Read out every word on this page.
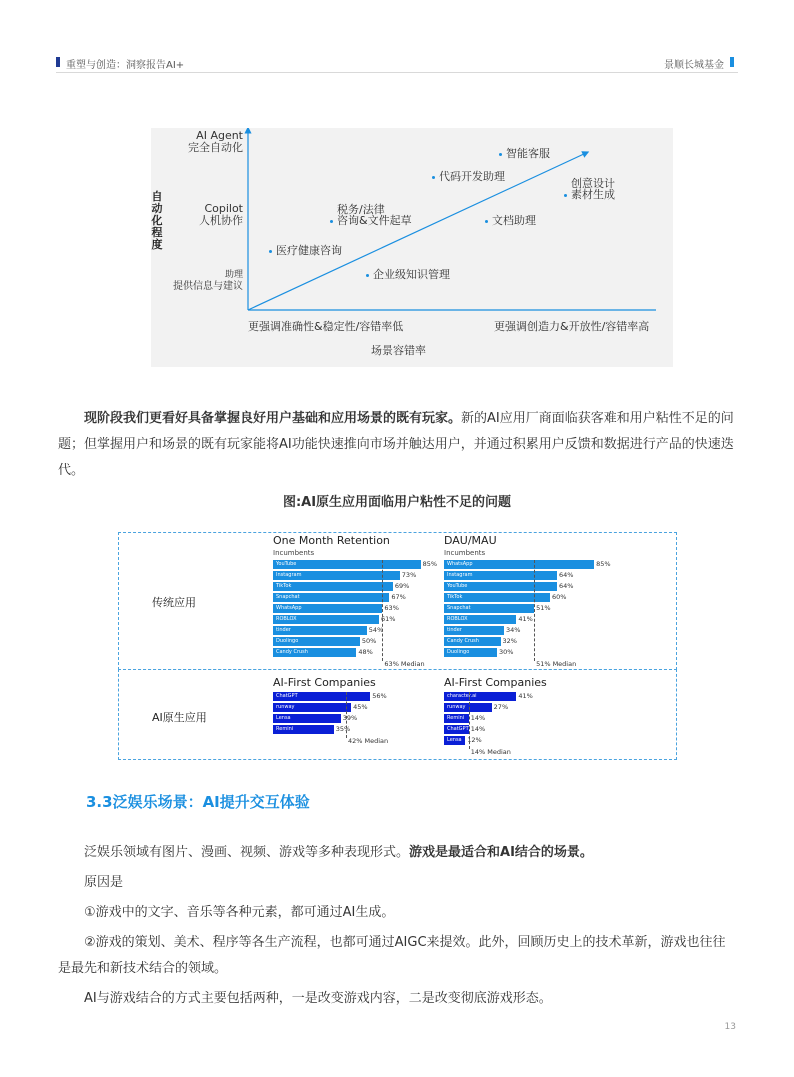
重塑与创造：洞察报告AI+	景顺长城基金
自动化程度
AI Agent
完全自动化
Copilot
人机协作
助理
提供信息与建议
智能客服
代码开发助理
创意设计
素材生成
税务/法律
咨询&文件起草	文档助理
医疗健康咨询
企业级知识管理
更强调准确性&稳定性/容错率低	更强调创造力&开放性/容错率高
场景容错率
现阶段我们更看好具备掌握良好用户基础和应用场景的既有玩家。新的AI应用厂商面临获客难和用户粘性不足的问题；但掌握用户和场景的既有玩家能将AI功能快速推向市场并触达用户，并通过积累用户反馈和数据进行产品的快速迭代。
图:AI原生应用面临用户粘性不足的问题
传统应用
AI原生应用
One Month Retention
Incumbents
DAU/MAU
Incumbents
AI-First Companies	AI-First Companies
YouTube	85%
Instagram	73%
TikTok	69%
Snapchat	67%
WhatsApp	63%
ROBLOX	61%
tinder	54%
Duolingo	50%
Candy Crush	48%
63% Median
WhatsApp	85%
Instagram	64%
YouTube	64%
TikTok	60%
Snapchat	51%
ROBLOX	41%
tinder	34%
Candy Crush	32%
Duolingo	30%
51% Median
ChatGPT	56%
runway	45%
Lensa	39%
Remini	35%
42% Median
character.ai	41%
runway	27%
Remini	14%
ChatGPT 14%
Lensa 12%
14% Median
3.3泛娱乐场景：AI提升交互体验
泛娱乐领域有图片、漫画、视频、游戏等多种表现形式。游戏是最适合和AI结合的场景。
原因是
①游戏中的文字、音乐等各种元素，都可通过AI生成。
②游戏的策划、美术、程序等各生产流程，也都可通过AIGC来提效。此外，回顾历史上的技术革新，游戏也往往是最先和新技术结合的领域。
AI与游戏结合的方式主要包括两种，一是改变游戏内容，二是改变彻底游戏形态。
13
